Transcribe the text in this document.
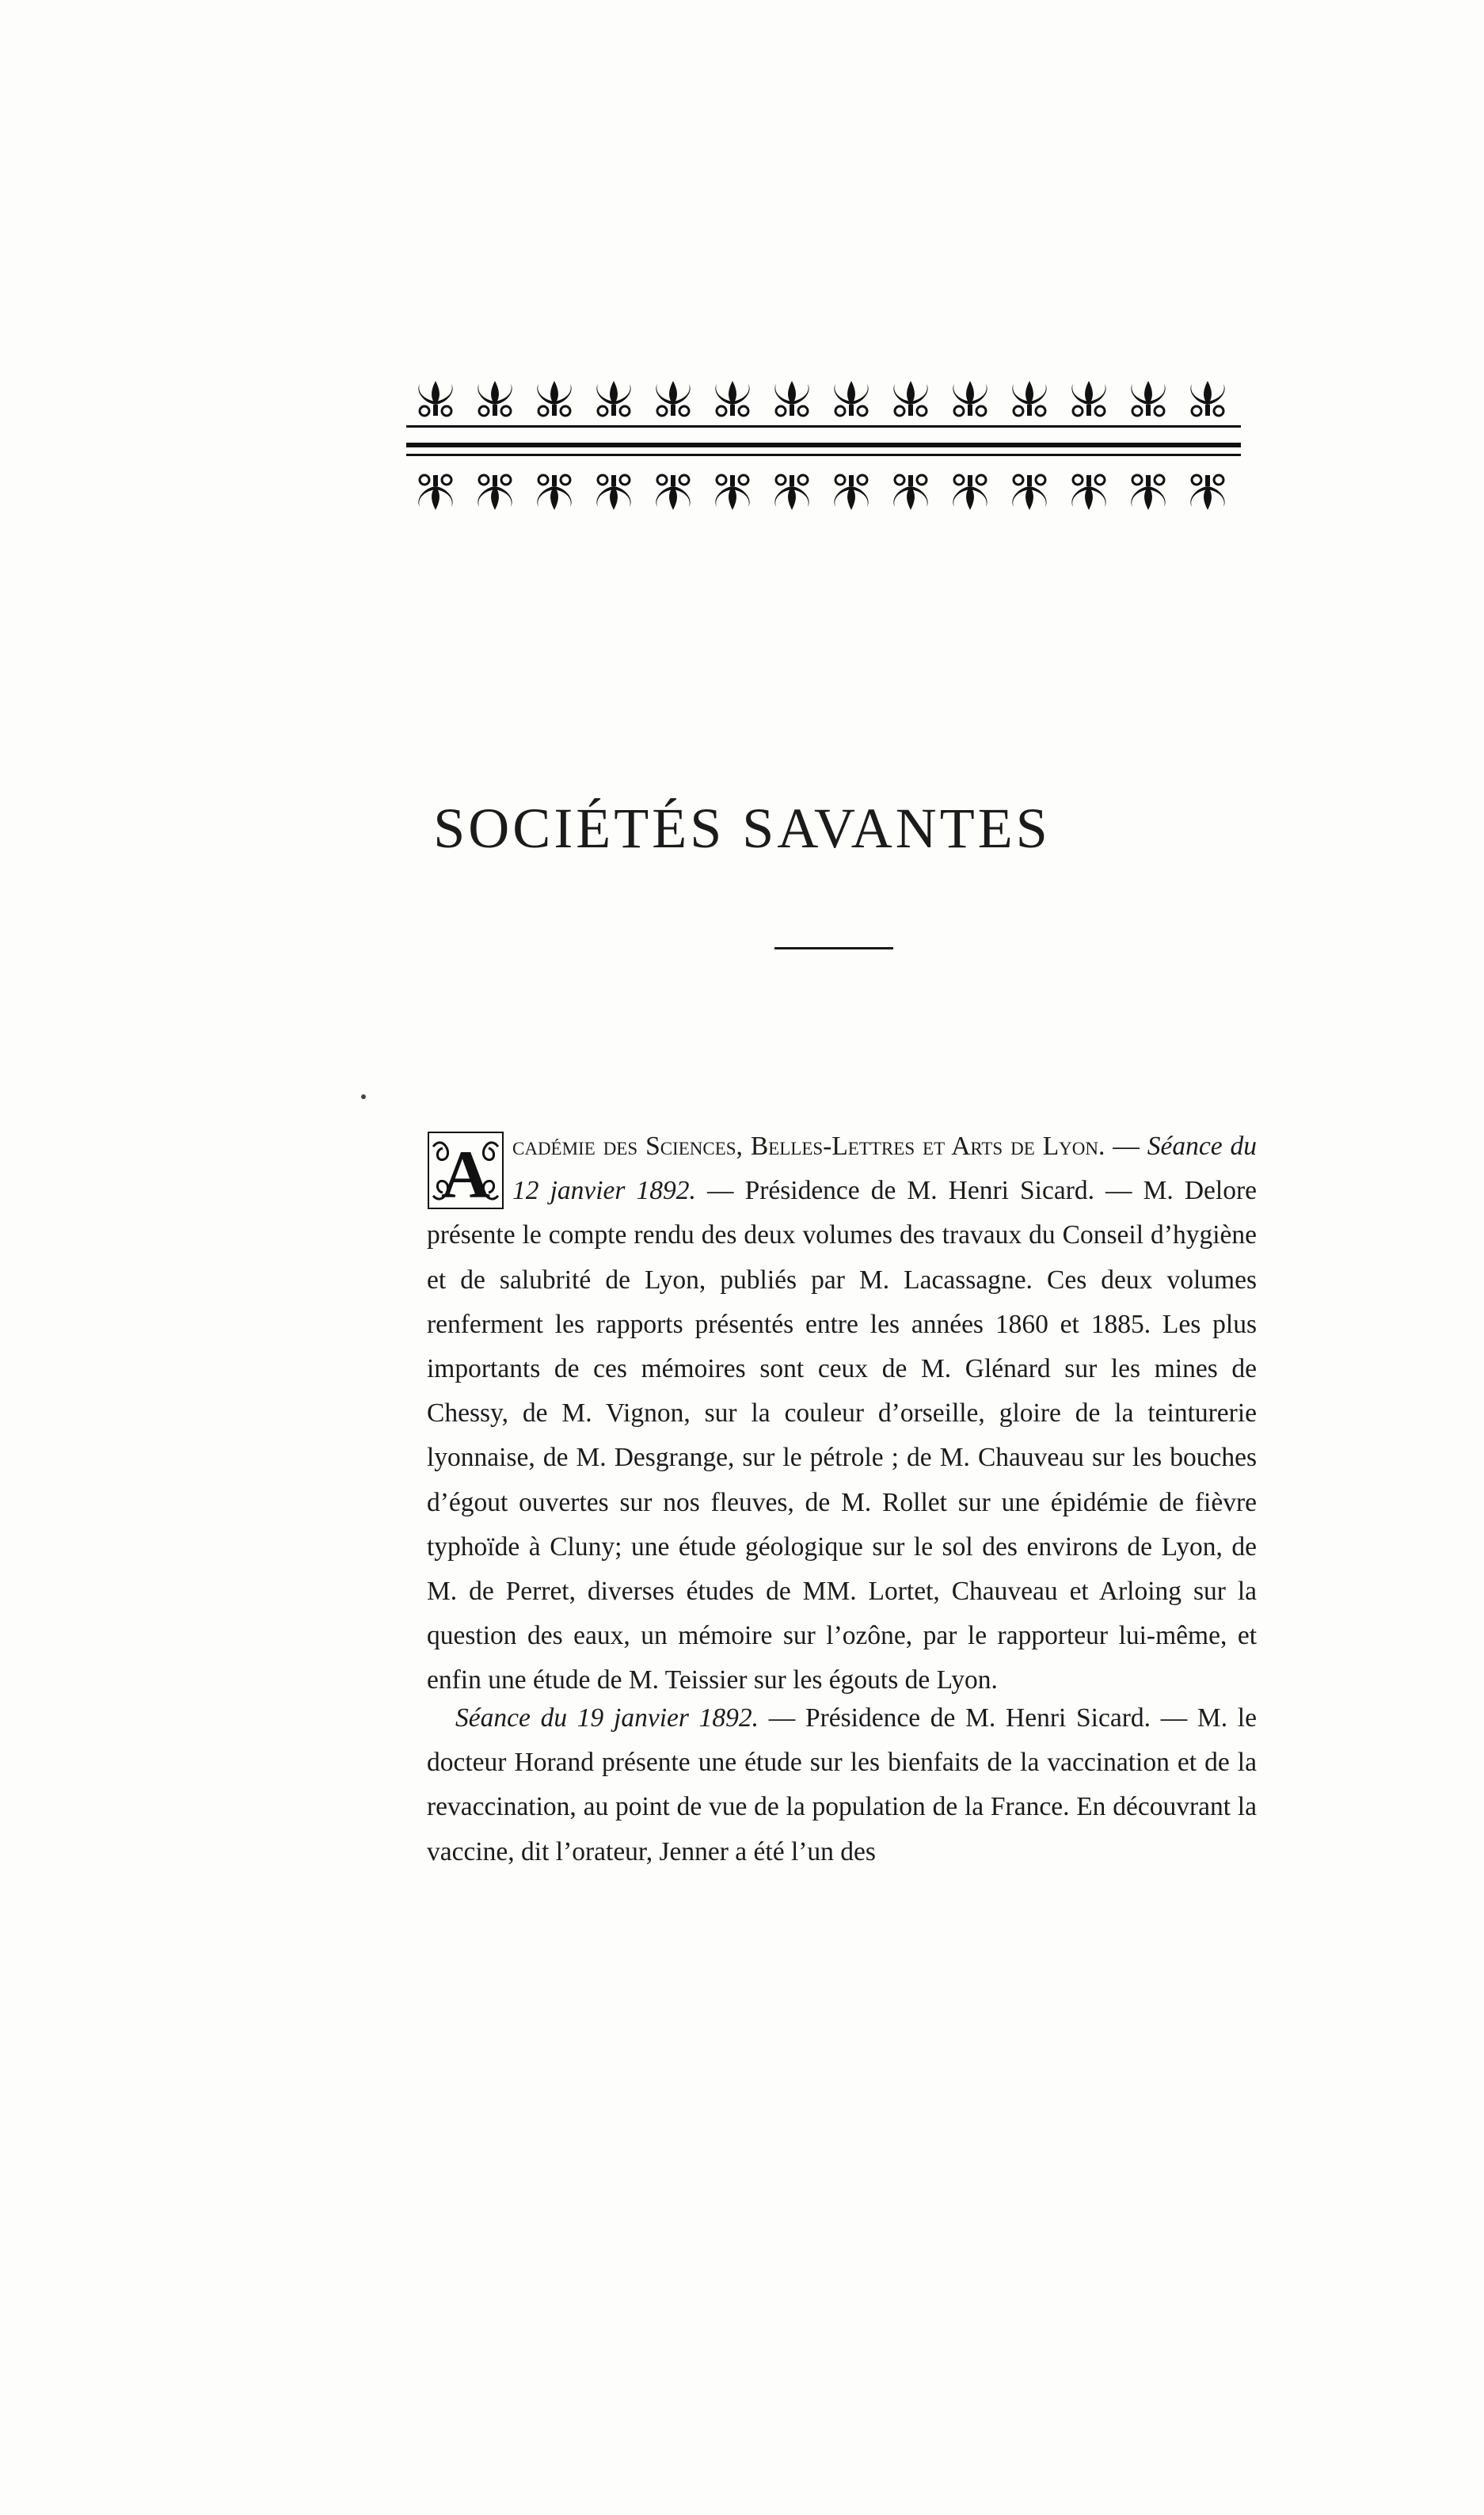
SOCIÉTÉS SAVANTES
A cadémie des Sciences, Belles-Lettres et Arts de Lyon. — Séance du 12 janvier 1892. — Présidence de M. Henri Sicard. — M. Delore présente le compte rendu des deux volumes des travaux du Conseil d’hygiène et de salubrité de Lyon, publiés par M. Lacassagne. Ces deux volumes renferment les rapports présentés entre les années 1860 et 1885. Les plus importants de ces mémoires sont ceux de M. Glénard sur les mines de Chessy, de M. Vignon, sur la couleur d’orseille, gloire de la teinturerie lyonnaise, de M. Desgrange, sur le pétrole ; de M. Chauveau sur les bouches d’égout ouvertes sur nos fleuves, de M. Rollet sur une épidémie de fièvre typhoïde à Cluny; une étude géologique sur le sol des environs de Lyon, de M. de Perret, diverses études de MM. Lortet, Chauveau et Arloing sur la question des eaux, un mémoire sur l’ozône, par le rapporteur lui-même, et enfin une étude de M. Teissier sur les égouts de Lyon.
Séance du 19 janvier 1892. — Présidence de M. Henri Sicard. — M. le docteur Horand présente une étude sur les bienfaits de la vaccination et de la revaccination, au point de vue de la population de la France. En découvrant la vaccine, dit l’orateur, Jenner a été l’un des
